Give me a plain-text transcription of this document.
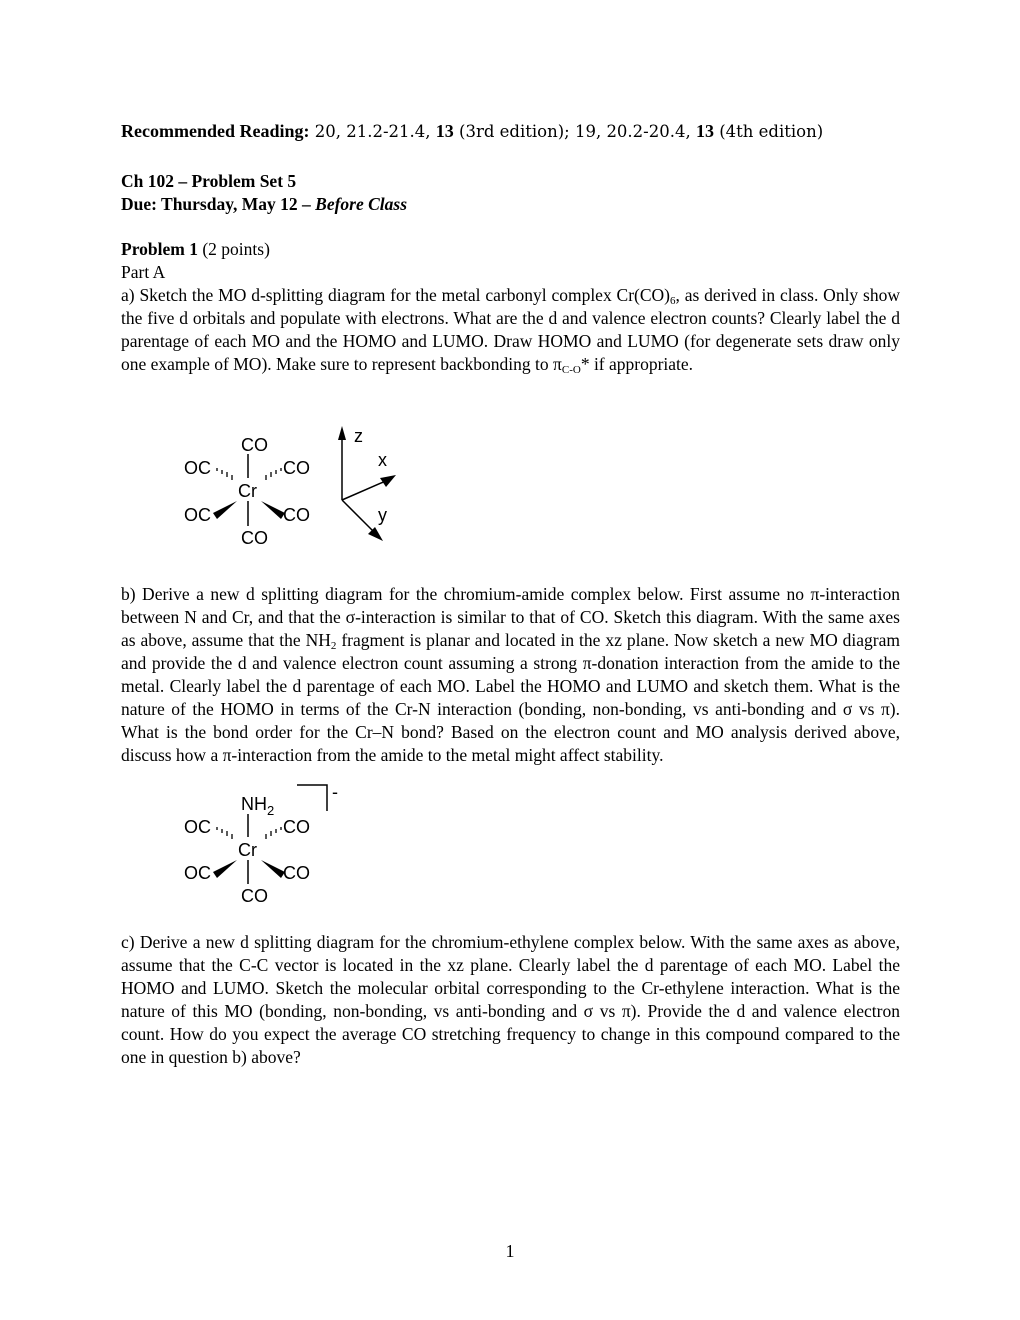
Recommended Reading: 20, 21.2-21.4, 13 (3rd edition); 19, 20.2-20.4, 13 (4th edition)
Ch 102 – Problem Set 5
Due: Thursday, May 12 – Before Class
Problem 1 (2 points)
Part A

a) Sketch the MO d-splitting diagram for the metal carbonyl complex $Cr(CO)_6$, as derived in class. Only show the five d orbitals and populate with electrons. What are the d and valence electron counts? Clearly label the d parentage of each MO and the HOMO and LUMO. Draw HOMO and LUMO (for degenerate sets draw only one example of MO). Make sure to represent backbonding to $\pi_{C-O}*$ if appropriate.

b) Derive a new d splitting diagram for the chromium-amide complex below. First assume no π-interaction between N and Cr, and that the σ-interaction is similar to that of CO. Sketch this diagram. With the same axes as above, assume that the $NH_2$ fragment is planar and located in the xz plane. Now sketch a new MO diagram and provide the d and valence electron count assuming a strong π-donation interaction from the amide to the metal. Clearly label the d parentage of each MO. Label the HOMO and LUMO and sketch them. What is the nature of the HOMO in terms of the Cr-N interaction (bonding, non-bonding, vs anti-bonding and σ vs π). What is the bond order for the Cr–N bond? Based on the electron count and MO analysis derived above, discuss how a π-interaction from the amide to the metal might affect stability.

c) Derive a new d splitting diagram for the chromium-ethylene complex below. With the same axes as above, assume that the C-C vector is located in the xz plane. Clearly label the d parentage of each MO. Label the HOMO and LUMO. Sketch the molecular orbital corresponding to the Cr-ethylene interaction. What is the nature of this MO (bonding, non-bonding, vs anti-bonding and σ vs π). Provide the d and valence electron count. How do you expect the average CO stretching frequency to change in this compound compared to the one in question b) above?

CO
OC	CO
Cr
OC	CO
CO
z
x
y
$NH_2$
-
OC	CO
Cr
OC	CO
CO
1
